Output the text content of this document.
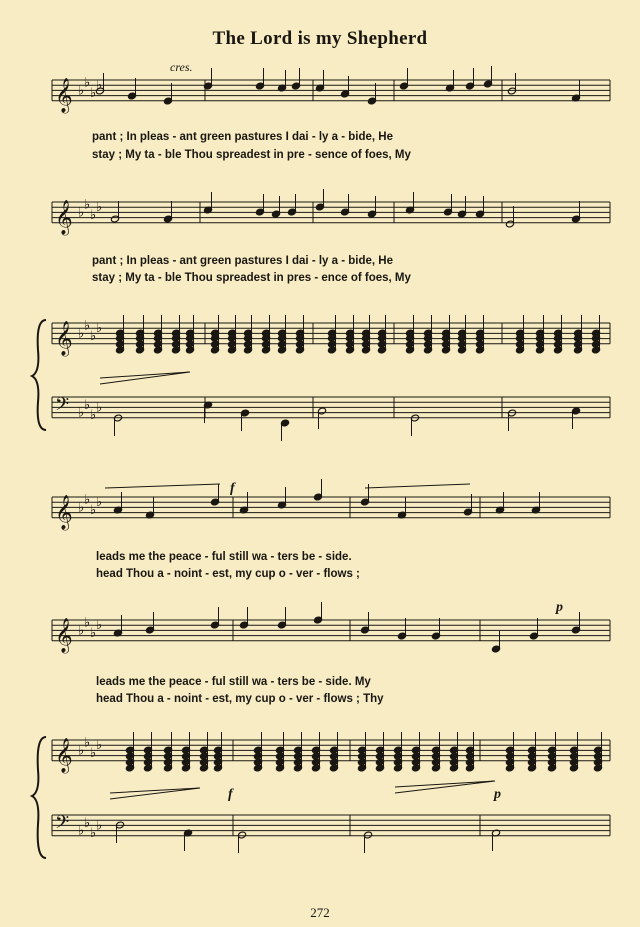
The Lord is my Shepherd
𝄞 ♭
♭
♭
♭
𝄞 ♭
♭
♭
♭
𝄞 ♭
♭
♭
♭
𝄢 ♭
♭
♭
♭
𝄞 ♭
♭
♭
♭
𝄞 ♭
♭
♭
♭
𝄞 ♭
♭
♭
♭
𝄢 ♭
♭
♭
♭
cres.
f
p
f	p
pant ; In pleas - ant green pastures I dai - ly a - bide, He
stay ; My ta - ble Thou spreadest in pre - sence of foes, My
pant ; In pleas - ant green pastures I dai - ly a - bide, He
stay ; My ta - ble Thou spreadest in pres - ence of foes, My
leads me the peace - ful still wa - ters be - side.
head Thou a - noint - est, my cup o - ver - flows ;
leads me the peace - ful still wa - ters be - side. My
head Thou a - noint - est, my cup o - ver - flows ; Thy
272
